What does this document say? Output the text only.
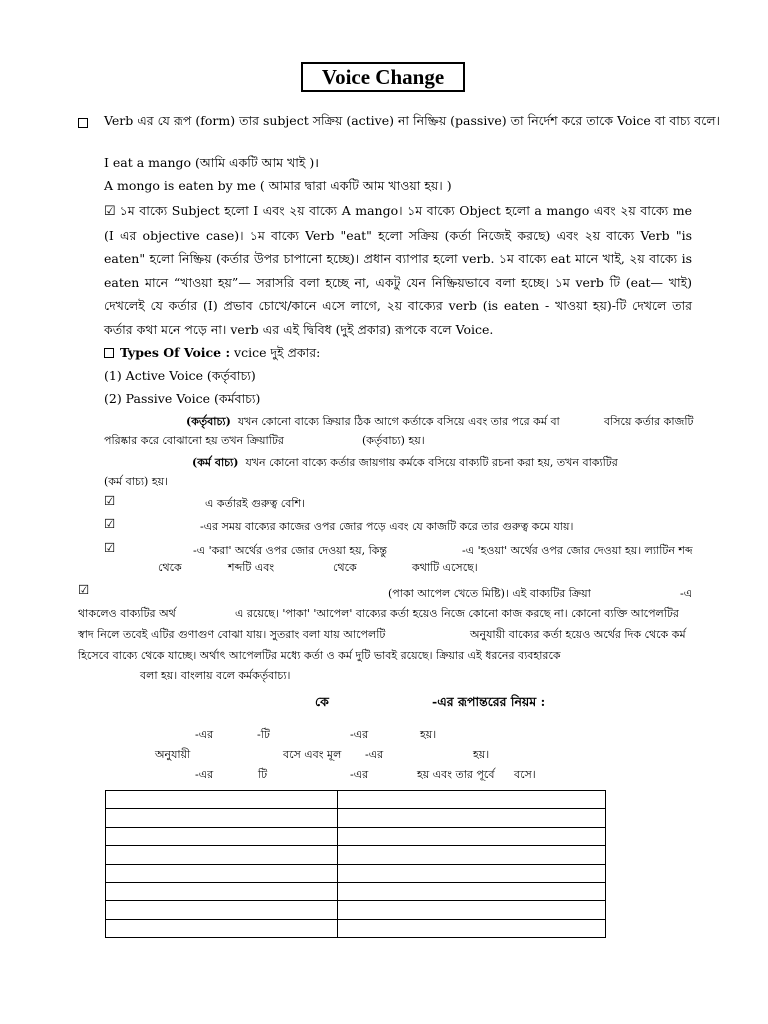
Voice Change
Verb এর যে রূপ (form) তার subject সক্রিয় (active) না নিষ্ক্রিয় (passive) তা নির্দেশ করে তাকে Voice বা বাচ্য বলে।
I eat a mango (আমি একটি আম খাই )।
A mongo is eaten by me ( আমার দ্বারা একটি আম খাওয়া হয়। )
☑ ১ম বাক্যে Subject হলো I এবং ২য় বাক্যে A mango। ১ম বাক্যে Object হলো a mango এবং ২য় বাক্যে me (I এর objective case)। ১ম বাক্যে Verb "eat" হলো সক্রিয় (কর্তা নিজেই করছে) এবং ২য় বাক্যে Verb "is eaten" হলো নিষ্ক্রিয় (কর্তার উপর চাপানো হচ্ছে)। প্রধান ব্যাপার হলো verb. ১ম বাক্যে eat মানে খাই, ২য় বাক্যে is eaten মানে “খাওয়া হয়”— সরাসরি বলা হচ্ছে না, একটু যেন নিষ্ক্রিয়ভাবে বলা হচ্ছে। ১ম verb টি (eat— খাই) দেখলেই যে কর্তার (I) প্রভাব চোখে/কানে এসে লাগে, ২য় বাক্যের verb (is eaten - খাওয়া হয়)-টি দেখলে তার কর্তার কথা মনে পড়ে না। verb এর এই দ্বিবিধ (দুই প্রকার) রূপকে বলে Voice.
Types Of Voice : vcice দুই প্রকার:
(1) Active Voice (কর্তৃবাচ্য)
(2) Passive Voice (কর্মবাচ্য)
(কর্তৃবাচ্য) যখন কোনো বাক্যে ক্রিয়ার ঠিক আগে কর্তাকে বসিয়ে এবং তার পরে কর্ম বা	বসিয়ে কর্তার কাজটি
পরিষ্কার করে বোঝানো হয় তখন ক্রিয়াটির	(কর্তৃবাচ্য) হয়।
(কর্ম বাচ্য) যখন কোনো বাক্যে কর্তার জায়গায় কর্মকে বসিয়ে বাক্যটি রচনা করা হয়, তখন বাক্যটির
(কর্ম বাচ্য) হয়।
☑	এ কর্তারই গুরুত্ব বেশি।
☑	-এর সময় বাক্যের কাজের ওপর জোর পড়ে এবং যে কাজটি করে তার গুরুত্ব কমে যায়।
☑	-এ 'করা' অর্থের ওপর জোর দেওয়া হয়, কিন্তু	-এ 'হওয়া' অর্থের ওপর জোর দেওয়া হয়। ল্যাটিন শব্দ
থেকে	শব্দটি এবং	থেকে	কথাটি এসেছে।
☑	(পাকা আপেল খেতে মিষ্টি)। এই বাক্যটির ক্রিয়া	-এ
থাকলেও বাক্যটির অর্থ	এ রয়েছে। 'পাকা' 'আপেল' বাক্যের কর্তা হয়েও নিজে কোনো কাজ করছে না। কোনো ব্যক্তি আপেলটির
স্বাদ নিলে তবেই এটির গুণাগুণ বোঝা যায়। সুতরাং বলা যায় আপেলটি	অনুযায়ী বাক্যের কর্তা হয়েও অর্থের দিক থেকে কর্ম
হিসেবে বাক্যে থেকে যাচ্ছে। অর্থাৎ আপেলটির মধ্যে কর্তা ও কর্ম দুটি ভাবই রয়েছে। ক্রিয়ার এই ধরনের ব্যবহারকে
বলা হয়। বাংলায় বলে কর্মকর্তৃবাচ্য।
কে	-এর রূপান্তরের নিয়ম :
-এর	-টি	-এর	হয়।
অনুযায়ী	বসে এবং মূল -এর	হয়।
-এর	টি	-এর	হয় এবং তার পূর্বে বসে।
